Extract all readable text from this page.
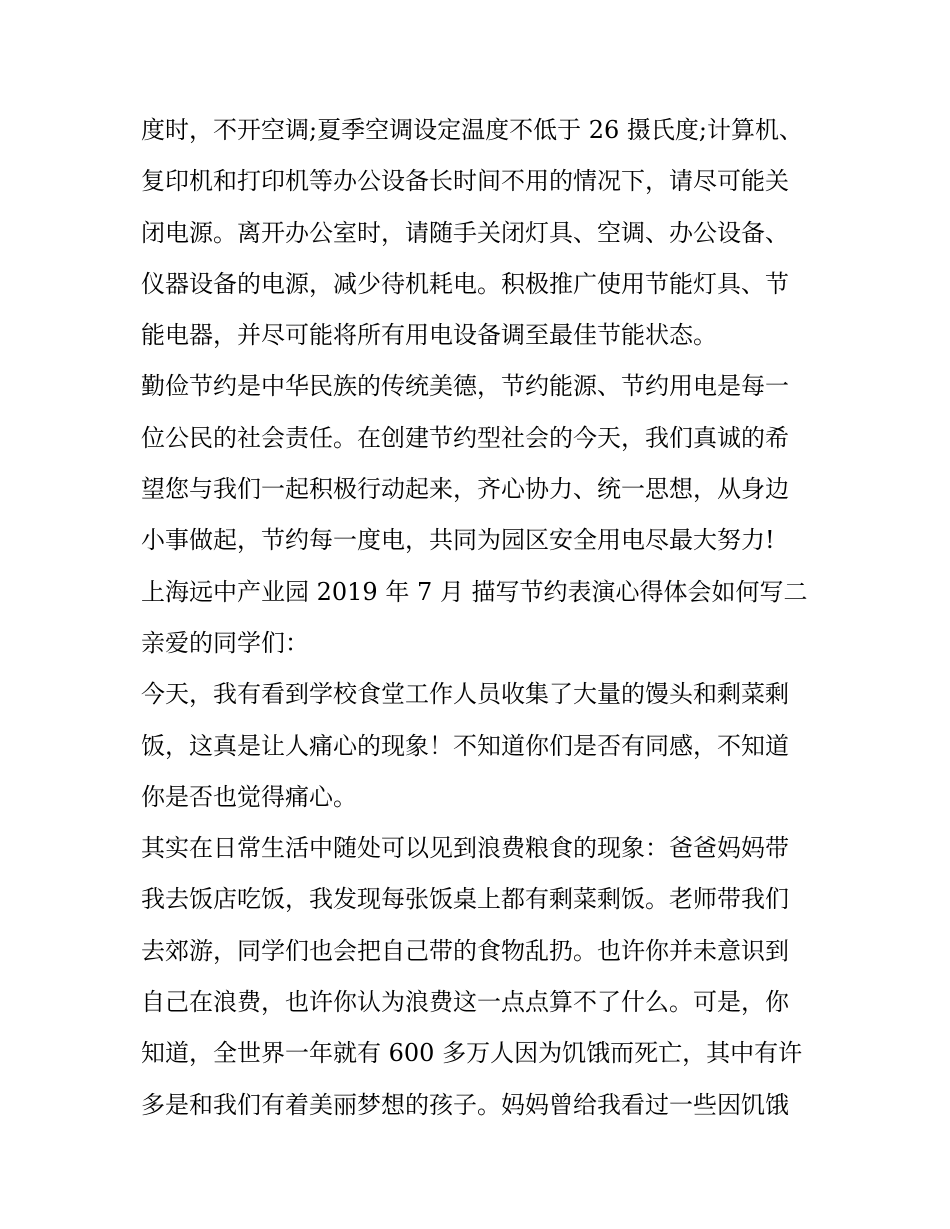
度时，不开空调;夏季空调设定温度不低于 26 摄氏度;计算机、
复印机和打印机等办公设备长时间不用的情况下，请尽可能关
闭电源。离开办公室时，请随手关闭灯具、空调、办公设备、
仪器设备的电源，减少待机耗电。积极推广使用节能灯具、节
能电器，并尽可能将所有用电设备调至最佳节能状态。
勤俭节约是中华民族的传统美德，节约能源、节约用电是每一
位公民的社会责任。在创建节约型社会的今天，我们真诚的希
望您与我们一起积极行动起来，齐心协力、统一思想，从身边
小事做起，节约每一度电，共同为园区安全用电尽最大努力!
上海远中产业园 2019 年 7 月 描写节约表演心得体会如何写二
亲爱的同学们：
今天，我有看到学校食堂工作人员收集了大量的馒头和剩菜剩
饭，这真是让人痛心的现象！不知道你们是否有同感，不知道
你是否也觉得痛心。
其实在日常生活中随处可以见到浪费粮食的现象：爸爸妈妈带
我去饭店吃饭，我发现每张饭桌上都有剩菜剩饭。老师带我们
去郊游，同学们也会把自己带的食物乱扔。也许你并未意识到
自己在浪费，也许你认为浪费这一点点算不了什么。可是，你
知道，全世界一年就有 600 多万人因为饥饿而死亡，其中有许
多是和我们有着美丽梦想的孩子。妈妈曾给我看过一些因饥饿
